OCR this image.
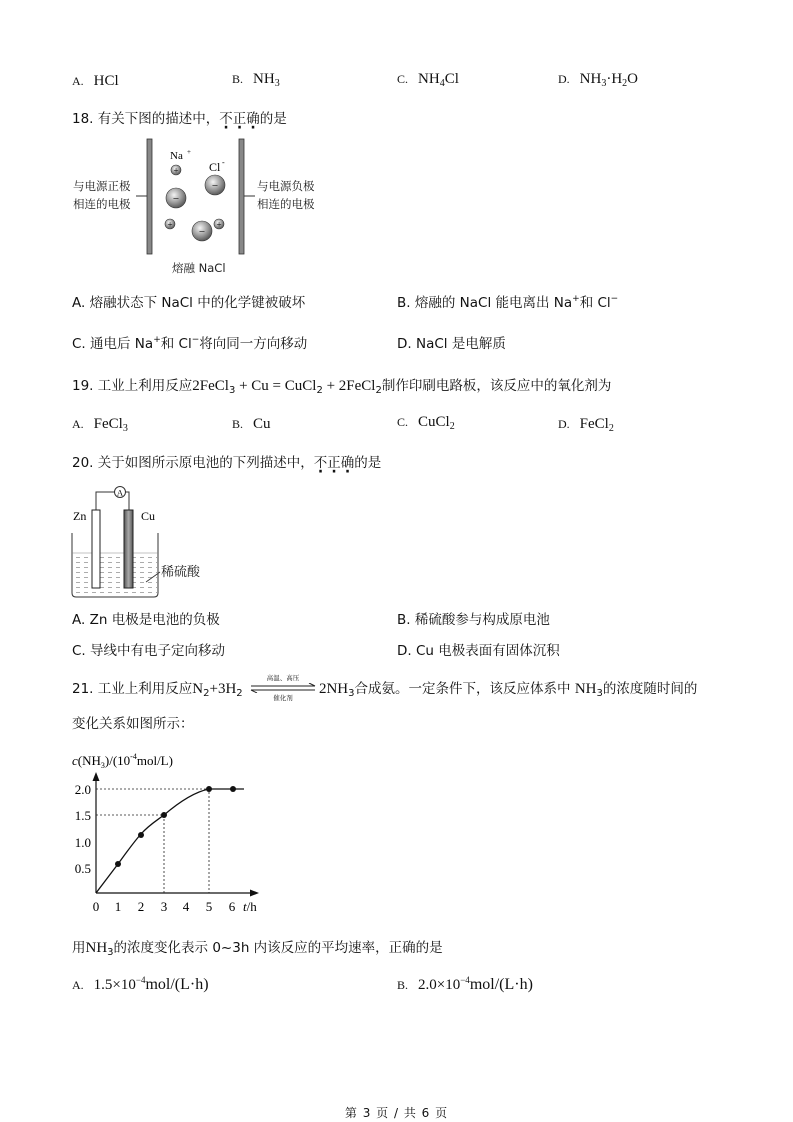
A. HCl	B. $NH_3$	C. $NH_4Cl$	D. $NH_3\cdot H_2O$
18. 有关下图的描述中，不正确的是
与电源正极
相连的电极
与电源负极
相连的电极
Na +
Cl -
+
−
−
+
−
+
熔融 NaCl
A. 熔融状态下 NaCl 中的化学键被破坏	B. 熔融的 NaCl 能电离出 Na+和 Cl−
C. 通电后 Na+和 Cl−将向同一方向移动	D. NaCl 是电解质
19. 工业上利用反应2FeCl$_3$ + Cu = CuCl$_2$ + 2FeCl$_2$制作印刷电路板，该反应中的氧化剂为
A. FeCl$_3$	B. Cu	C. CuCl$_2$	D. FeCl$_2$
20. 关于如图所示原电池的下列描述中，不正确的是
A
Zn	Cu
稀硫酸
A. Zn 电极是电池的负极	B. 稀硫酸参与构成原电池
C. 导线中有电子定向移动	D. Cu 电极表面有固体沉积
21. 工业上利用反应$N_2+3H_2$
高温、高压
催化剂
$2NH_3$合成氨。一定条件下，该反应体系中 $NH_3$的浓度随时间的
变化关系如图所示：
$c(NH_3)/(10^{-4}mol/L)$
0.5
1.0
1.5
2.0
0 1 2 3 4 5 6 t/h
用$NH_3$的浓度变化表示 0~3h 内该反应的平均速率，正确的是
A. $1.5\times 10^{-4}mol/(L\cdot h)$	B. $2.0\times 10^{-4}mol/(L\cdot h)$
第 3 页 / 共 6 页
